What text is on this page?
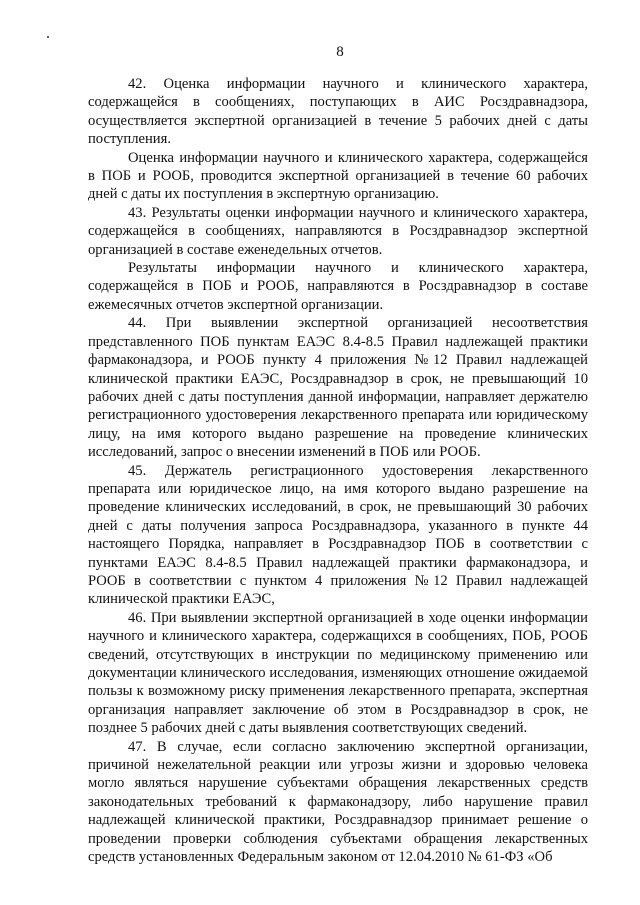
8

42. Оценка информации научного и клинического характера, содержащейся в сообщениях, поступающих в АИС Росздравнадзора, осуществляется экспертной организацией в течение 5 рабочих дней с даты поступления.

Оценка информации научного и клинического характера, содержащейся в ПОБ и РООБ, проводится экспертной организацией в течение 60 рабочих дней с даты их поступления в экспертную организацию.

43. Результаты оценки информации научного и клинического характера, содержащейся в сообщениях, направляются в Росздравнадзор экспертной организацией в составе еженедельных отчетов.

Результаты информации научного и клинического характера, содержащейся в ПОБ и РООБ, направляются в Росздравнадзор в составе ежемесячных отчетов экспертной организации.

44. При выявлении экспертной организацией несоответствия представленного ПОБ пунктам ЕАЭС 8.4-8.5 Правил надлежащей практики фармаконадзора, и РООБ пункту 4 приложения №12 Правил надлежащей клинической практики ЕАЭС, Росздравнадзор в срок, не превышающий 10 рабочих дней с даты поступления данной информации, направляет держателю регистрационного удостоверения лекарственного препарата или юридическому лицу, на имя которого выдано разрешение на проведение клинических исследований, запрос о внесении изменений в ПОБ или РООБ.

45. Держатель регистрационного удостоверения лекарственного препарата или юридическое лицо, на имя которого выдано разрешение на проведение клинических исследований, в срок, не превышающий 30 рабочих дней с даты получения запроса Росздравнадзора, указанного в пункте 44 настоящего Порядка, направляет в Росздравнадзор ПОБ в соответствии с пунктами ЕАЭС 8.4-8.5 Правил надлежащей практики фармаконадзора, и РООБ в соответствии с пунктом 4 приложения №12 Правил надлежащей клинической практики ЕАЭС,

46. При выявлении экспертной организацией в ходе оценки информации научного и клинического характера, содержащихся в сообщениях, ПОБ, РООБ сведений, отсутствующих в инструкции по медицинскому применению или документации клинического исследования, изменяющих отношение ожидаемой пользы к возможному риску применения лекарственного препарата, экспертная организация направляет заключение об этом в Росздравнадзор в срок, не позднее 5 рабочих дней с даты выявления соответствующих сведений.

47. В случае, если согласно заключению экспертной организации, причиной нежелательной реакции или угрозы жизни и здоровью человека могло являться нарушение субъектами обращения лекарственных средств законодательных требований к фармаконадзору, либо нарушение правил надлежащей клинической практики, Росздравнадзор принимает решение о проведении проверки соблюдения субъектами обращения лекарственных средств установленных Федеральным законом от 12.04.2010 № 61-ФЗ «Об
